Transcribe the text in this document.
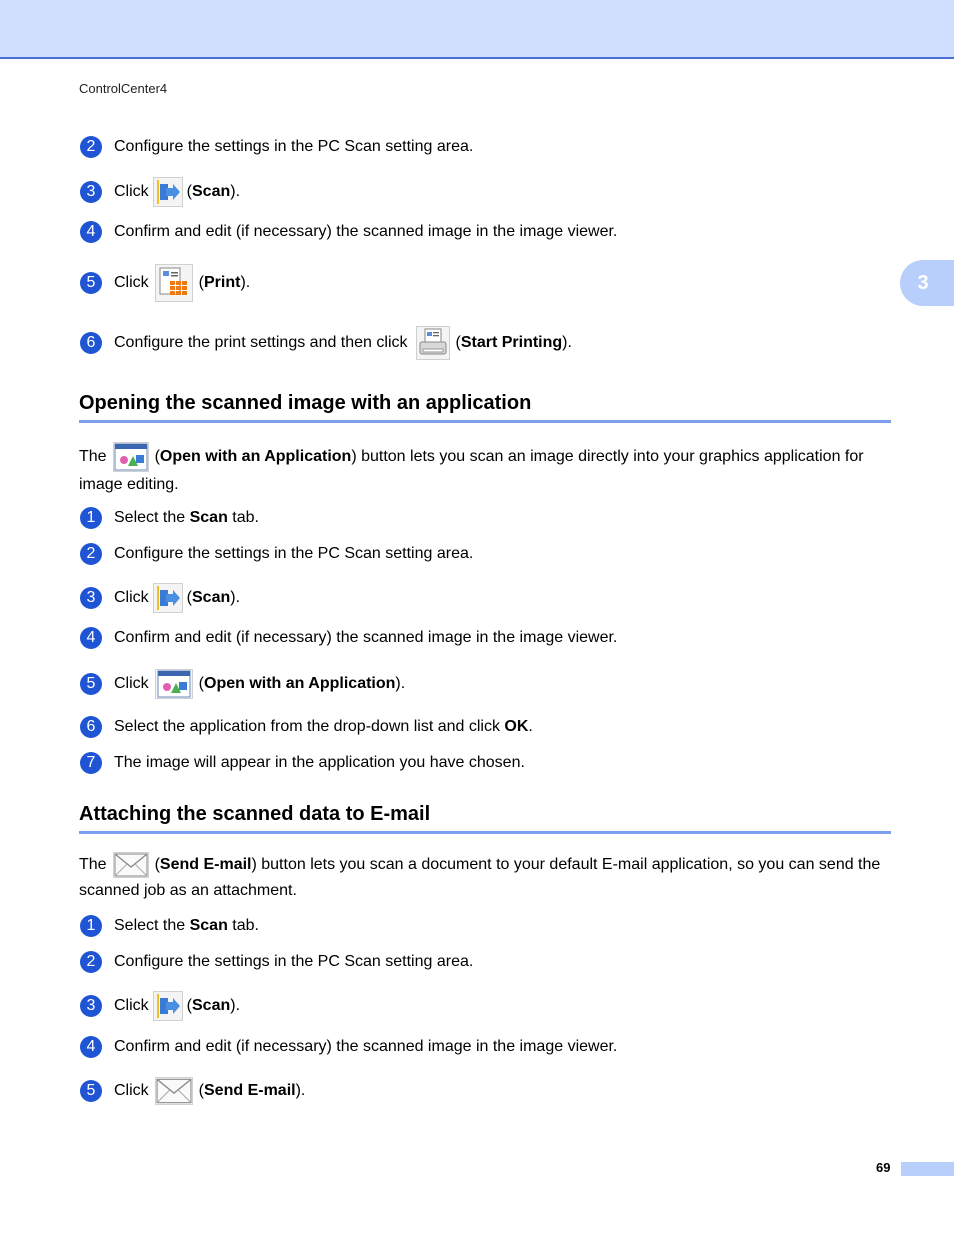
ControlCenter4
3
2	Configure the settings in the PC Scan setting area.
3	Click ( Scan ).
4	Confirm and edit (if necessary) the scanned image in the image viewer.
5	Click	( Print ).
6	Configure the print settings and then click	( Start Printing ).
Opening the scanned image with an application
The	(Open with an Application) button lets you scan an image directly into your graphics application for image editing.
1	Select the Scan tab.
2	Configure the settings in the PC Scan setting area.
3	Click ( Scan ).
4	Confirm and edit (if necessary) the scanned image in the image viewer.
5	Click	( Open with an Application ).
6	Select the application from the drop-down list and click OK .
7	The image will appear in the application you have chosen.
Attaching the scanned data to E-mail
The	(Send E-mail) button lets you scan a document to your default E-mail application, so you can send the scanned job as an attachment.
1	Select the Scan tab.
2	Configure the settings in the PC Scan setting area.
3	Click ( Scan ).
4	Confirm and edit (if necessary) the scanned image in the image viewer.
5	Click	( Send E-mail ).
69
